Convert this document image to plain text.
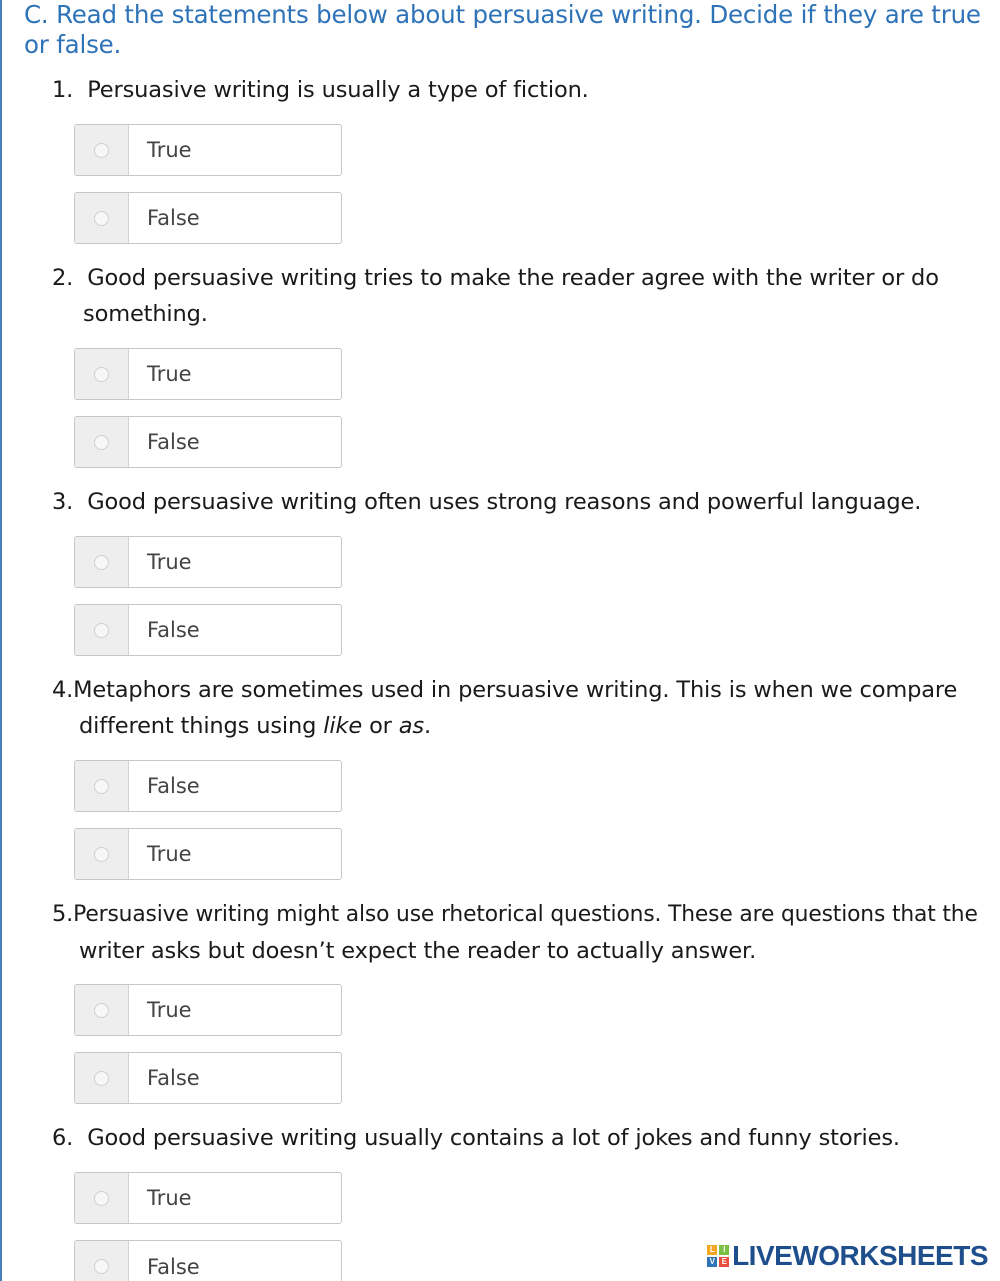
C. Read the statements below about persuasive writing. Decide if they are true or false.
1. Persuasive writing is usually a type of fiction.
True
False
2. Good persuasive writing tries to make the reader agree with the writer or do
something.
True
False
3. Good persuasive writing often uses strong reasons and powerful language.
True
False
4.Metaphors are sometimes used in persuasive writing. This is when we compare
different things using like or as.
False
True
5.Persuasive writing might also use rhetorical questions. These are questions that the
writer asks but doesn’t expect the reader to actually answer.
True
False
6. Good persuasive writing usually contains a lot of jokes and funny stories.
True
False
L	I
V E LIVEWORKSHEETS
